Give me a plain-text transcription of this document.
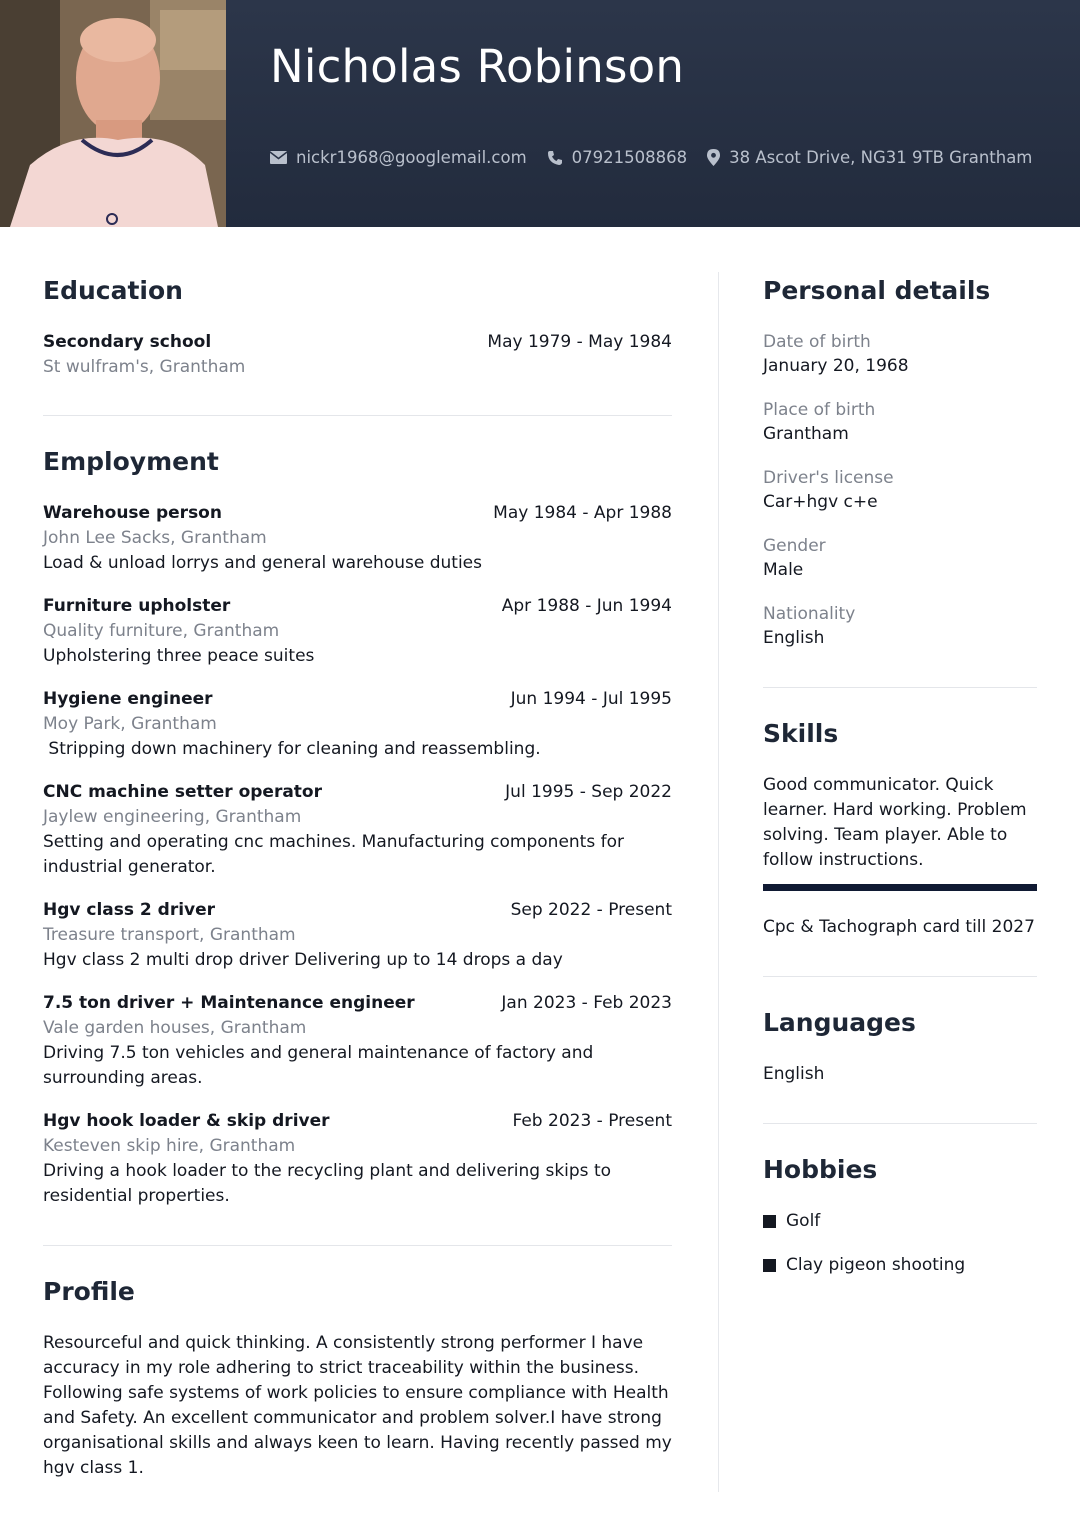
Nicholas Robinson
nickr1968@googlemail.com	07921508868	38 Ascot Drive, NG31 9TB Grantham
Education
Secondary school	May 1979 - May 1984
St wulfram's, Grantham
Employment
Warehouse person	May 1984 - Apr 1988
John Lee Sacks, Grantham
Load & unload lorrys and general warehouse duties
Furniture upholster	Apr 1988 - Jun 1994
Quality furniture, Grantham
Upholstering three peace suites
Hygiene engineer	Jun 1994 - Jul 1995
Moy Park, Grantham
Stripping down machinery for cleaning and reassembling.
CNC machine setter operator	Jul 1995 - Sep 2022
Jaylew engineering, Grantham
Setting and operating cnc machines. Manufacturing components for industrial generator.
Hgv class 2 driver	Sep 2022 - Present
Treasure transport, Grantham
Hgv class 2 multi drop driver Delivering up to 14 drops a day
7.5 ton driver + Maintenance engineer	Jan 2023 - Feb 2023
Vale garden houses, Grantham
Driving 7.5 ton vehicles and general maintenance of factory and surrounding areas.
Hgv hook loader & skip driver	Feb 2023 - Present
Kesteven skip hire, Grantham
Driving a hook loader to the recycling plant and delivering skips to residential properties.
Profile
Resourceful and quick thinking. A consistently strong performer I have accuracy in my role adhering to strict traceability within the business. Following safe systems of work policies to ensure compliance with Health and Safety. An excellent communicator and problem solver.I have strong organisational skills and always keen to learn. Having recently passed my hgv class 1.
Personal details
Date of birth
January 20, 1968
Place of birth
Grantham
Driver's license
Car+hgv c+e
Gender
Male
Nationality
English
Skills
Good communicator. Quick learner. Hard working. Problem solving. Team player. Able to follow instructions.
Cpc & Tachograph card till 2027
Languages
English
Hobbies
Golf
Clay pigeon shooting
